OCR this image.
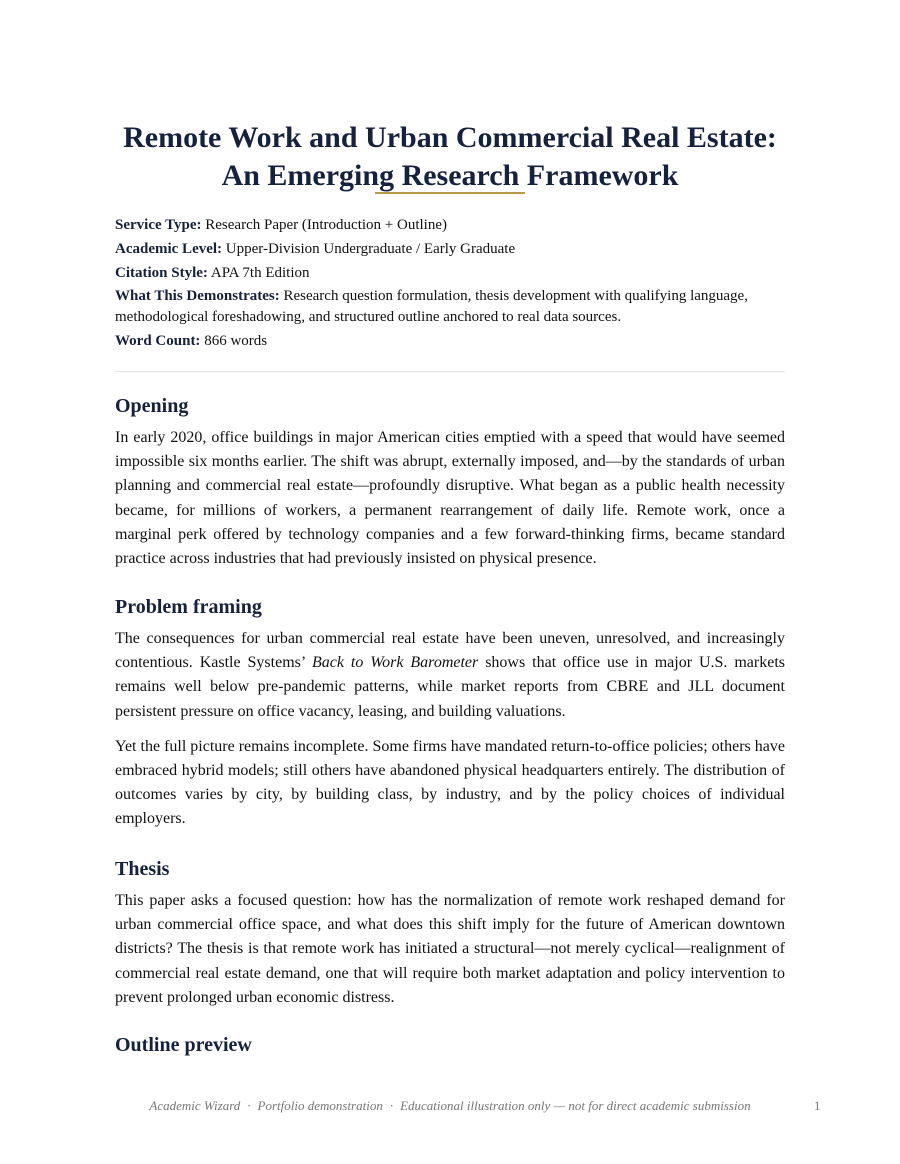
Remote Work and Urban Commercial Real Estate:
An Emerging Research Framework
Service Type: Research Paper (Introduction + Outline)
Academic Level: Upper-Division Undergraduate / Early Graduate
Citation Style: APA 7th Edition
What This Demonstrates: Research question formulation, thesis development with qualifying language, methodological foreshadowing, and structured outline anchored to real data sources.
Word Count: 866 words
Opening

In early 2020, office buildings in major American cities emptied with a speed that would have seemed impossible six months earlier. The shift was abrupt, externally imposed, and—by the standards of urban planning and commercial real estate—profoundly disruptive. What began as a public health necessity became, for millions of workers, a permanent rearrangement of daily life. Remote work, once a marginal perk offered by technology companies and a few forward-thinking firms, became standard practice across industries that had previously insisted on physical presence.

Problem framing

The consequences for urban commercial real estate have been uneven, unresolved, and increasingly contentious. Kastle Systems’ Back to Work Barometer shows that office use in major U.S. markets remains well below pre-pandemic patterns, while market reports from CBRE and JLL document persistent pressure on office vacancy, leasing, and building valuations.

Yet the full picture remains incomplete. Some firms have mandated return-to-office policies; others have embraced hybrid models; still others have abandoned physical headquarters entirely. The distribution of outcomes varies by city, by building class, by industry, and by the policy choices of individual employers.

Thesis

This paper asks a focused question: how has the normalization of remote work reshaped demand for urban commercial office space, and what does this shift imply for the future of American downtown districts? The thesis is that remote work has initiated a structural—not merely cyclical—realignment of commercial real estate demand, one that will require both market adaptation and policy intervention to prevent prolonged urban economic distress.

Outline preview
Academic Wizard · Portfolio demonstration · Educational illustration only — not for direct academic submission	1
